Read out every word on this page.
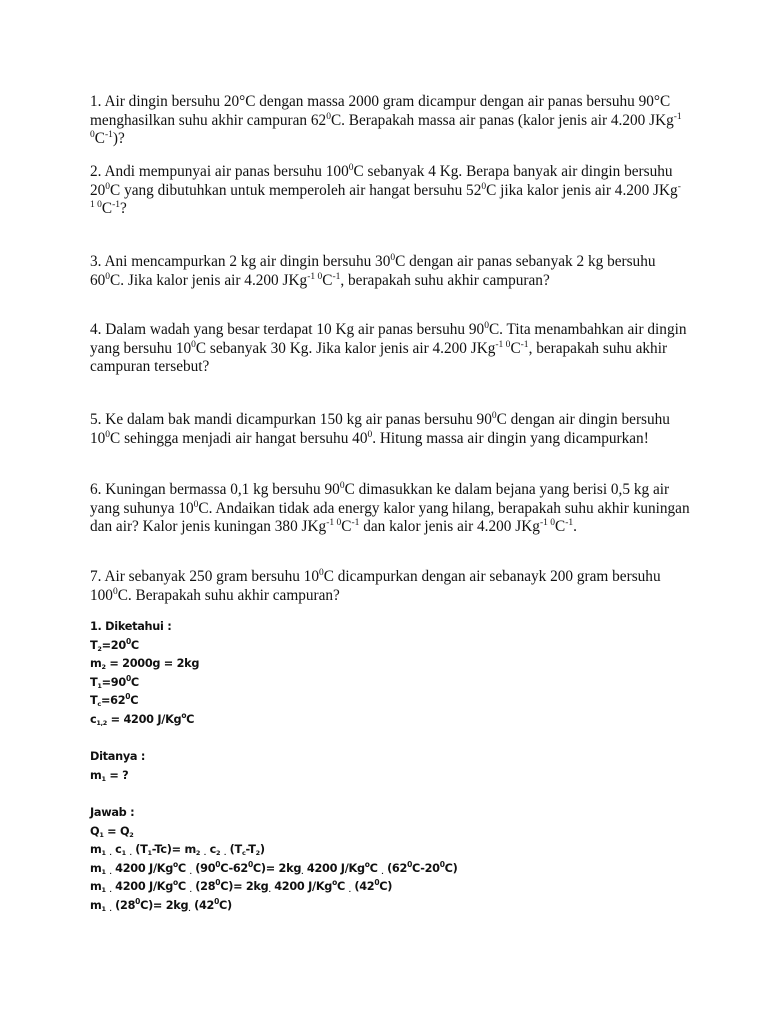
1. Air dingin bersuhu 20°C dengan massa 2000 gram dicampur dengan air panas bersuhu 90°C menghasilkan suhu akhir campuran $62^0C$. Berapakah massa air panas (kalor jenis air 4.200 JKg$^{-1}$ $^0C^{-1}$)?

2. Andi mempunyai air panas bersuhu $100^0C$ sebanyak 4 Kg. Berapa banyak air dingin bersuhu $20^0C$ yang dibutuhkan untuk memperoleh air hangat bersuhu $52^0C$ jika kalor jenis air 4.200 JKg-
$^{1 0}C^{-1}$?

3. Ani mencampurkan 2 kg air dingin bersuhu $30^0C$ dengan air panas sebanyak 2 kg bersuhu $60^0C$. Jika kalor jenis air 4.200 $JKg^{-1 0}C^{-1}$, berapakah suhu akhir campuran?

4. Dalam wadah yang besar terdapat 10 Kg air panas bersuhu $90^0C$. Tita menambahkan air dingin yang bersuhu $10^0C$ sebanyak 30 Kg. Jika kalor jenis air 4.200 $JKg^{-1 0}C^{-1}$, berapakah suhu akhir campuran tersebut?

5. Ke dalam bak mandi dicampurkan 150 kg air panas bersuhu $90^0C$ dengan air dingin bersuhu $10^0C$ sehingga menjadi air hangat bersuhu $40^0$. Hitung massa air dingin yang dicampurkan!

6. Kuningan bermassa 0,1 kg bersuhu $90^0C$ dimasukkan ke dalam bejana yang berisi 0,5 kg air yang suhunya $10^0C$. Andaikan tidak ada energy kalor yang hilang, berapakah suhu akhir kuningan dan air? Kalor jenis kuningan 380 $JKg^{-1 0}C^{-1}$ dan kalor jenis air 4.200 $JKg^{-1 0}C^{-1}$.

7. Air sebanyak 250 gram bersuhu $10^0C$ dicampurkan dengan air sebanayk 200 gram bersuhu $100^0C$. Berapakah suhu akhir campuran?

1. Diketahui :
$T_2=20^0C$
$m_2 = 2000g = 2kg$
$T_1=90^0C$
$T_c=62^0C$
$c_{1,2} = 4200$ J/Kg$^o$C
Ditanya :
$m_1$ = ?
Jawab :
$Q_1 = Q_2$
$m_1$ $_.$ $c_1$ $_.$ $(T_1-Tc)= m_2$ $_.$ $c_2$ $_.$ $(T_c-T_2)$
$m_1$ $_.$ 4200 J/Kg$^o$C $_.$ $(90^0C-62^0C)= 2kg_.$ 4200 J/Kg$^o$C $_.$ $(62^0C-20^0C)$
$m_1$ $_.$ 4200 J/Kg$^o$C $_.$ $(28^0C)= 2kg_.$ 4200 J/Kg$^o$C $_.$ $(42^0C)$
$m_1$ $_.$ $(28^0C)= 2kg_.$ $(42^0C)$
